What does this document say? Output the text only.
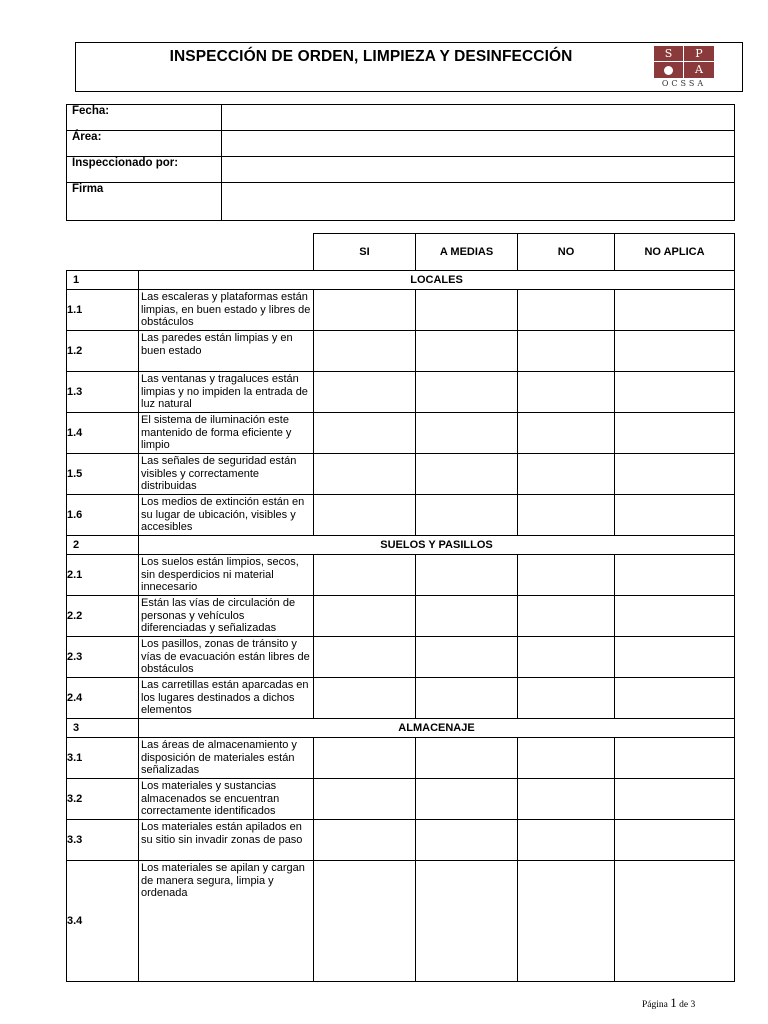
INSPECCIÓN DE ORDEN, LIMPIEZA Y DESINFECCIÓN	S	P
A
OCSSA
Fecha:	
Área:	
Inspeccionado por:	
Firma	
		SI	A MEDIAS	NO	NO APLICA
1	LOCALES				
1.1	Las escaleras y plataformas están limpias, en buen estado y libres de obstáculos				
1.2	Las paredes están limpias y en buen estado				
1.3	Las ventanas y tragaluces están limpias y no impiden la entrada de luz natural				
1.4	El sistema de iluminación este mantenido de forma eficiente y limpio				
1.5	Las señales de seguridad están visibles y correctamente distribuidas				
1.6	Los medios de extinción están en su lugar de ubicación, visibles y accesibles				
2	SUELOS Y PASILLOS				
2.1	Los suelos están limpios, secos, sin desperdicios ni material innecesario				
2.2	Están las vías de circulación de personas y vehículos diferenciadas y señalizadas				
2.3	Los pasillos, zonas de tránsito y vías de evacuación están libres de obstáculos				
2.4	Las carretillas están aparcadas en los lugares destinados a dichos elementos				
3	ALMACENAJE				
3.1	Las áreas de almacenamiento y disposición de materiales están señalizadas				
3.2	Los materiales y sustancias almacenados se encuentran correctamente identificados				
3.3	Los materiales están apilados en su sitio sin invadir zonas de paso				
3.4	Los materiales se apilan y cargan de manera segura, limpia y ordenada				
Página 1 de 3
